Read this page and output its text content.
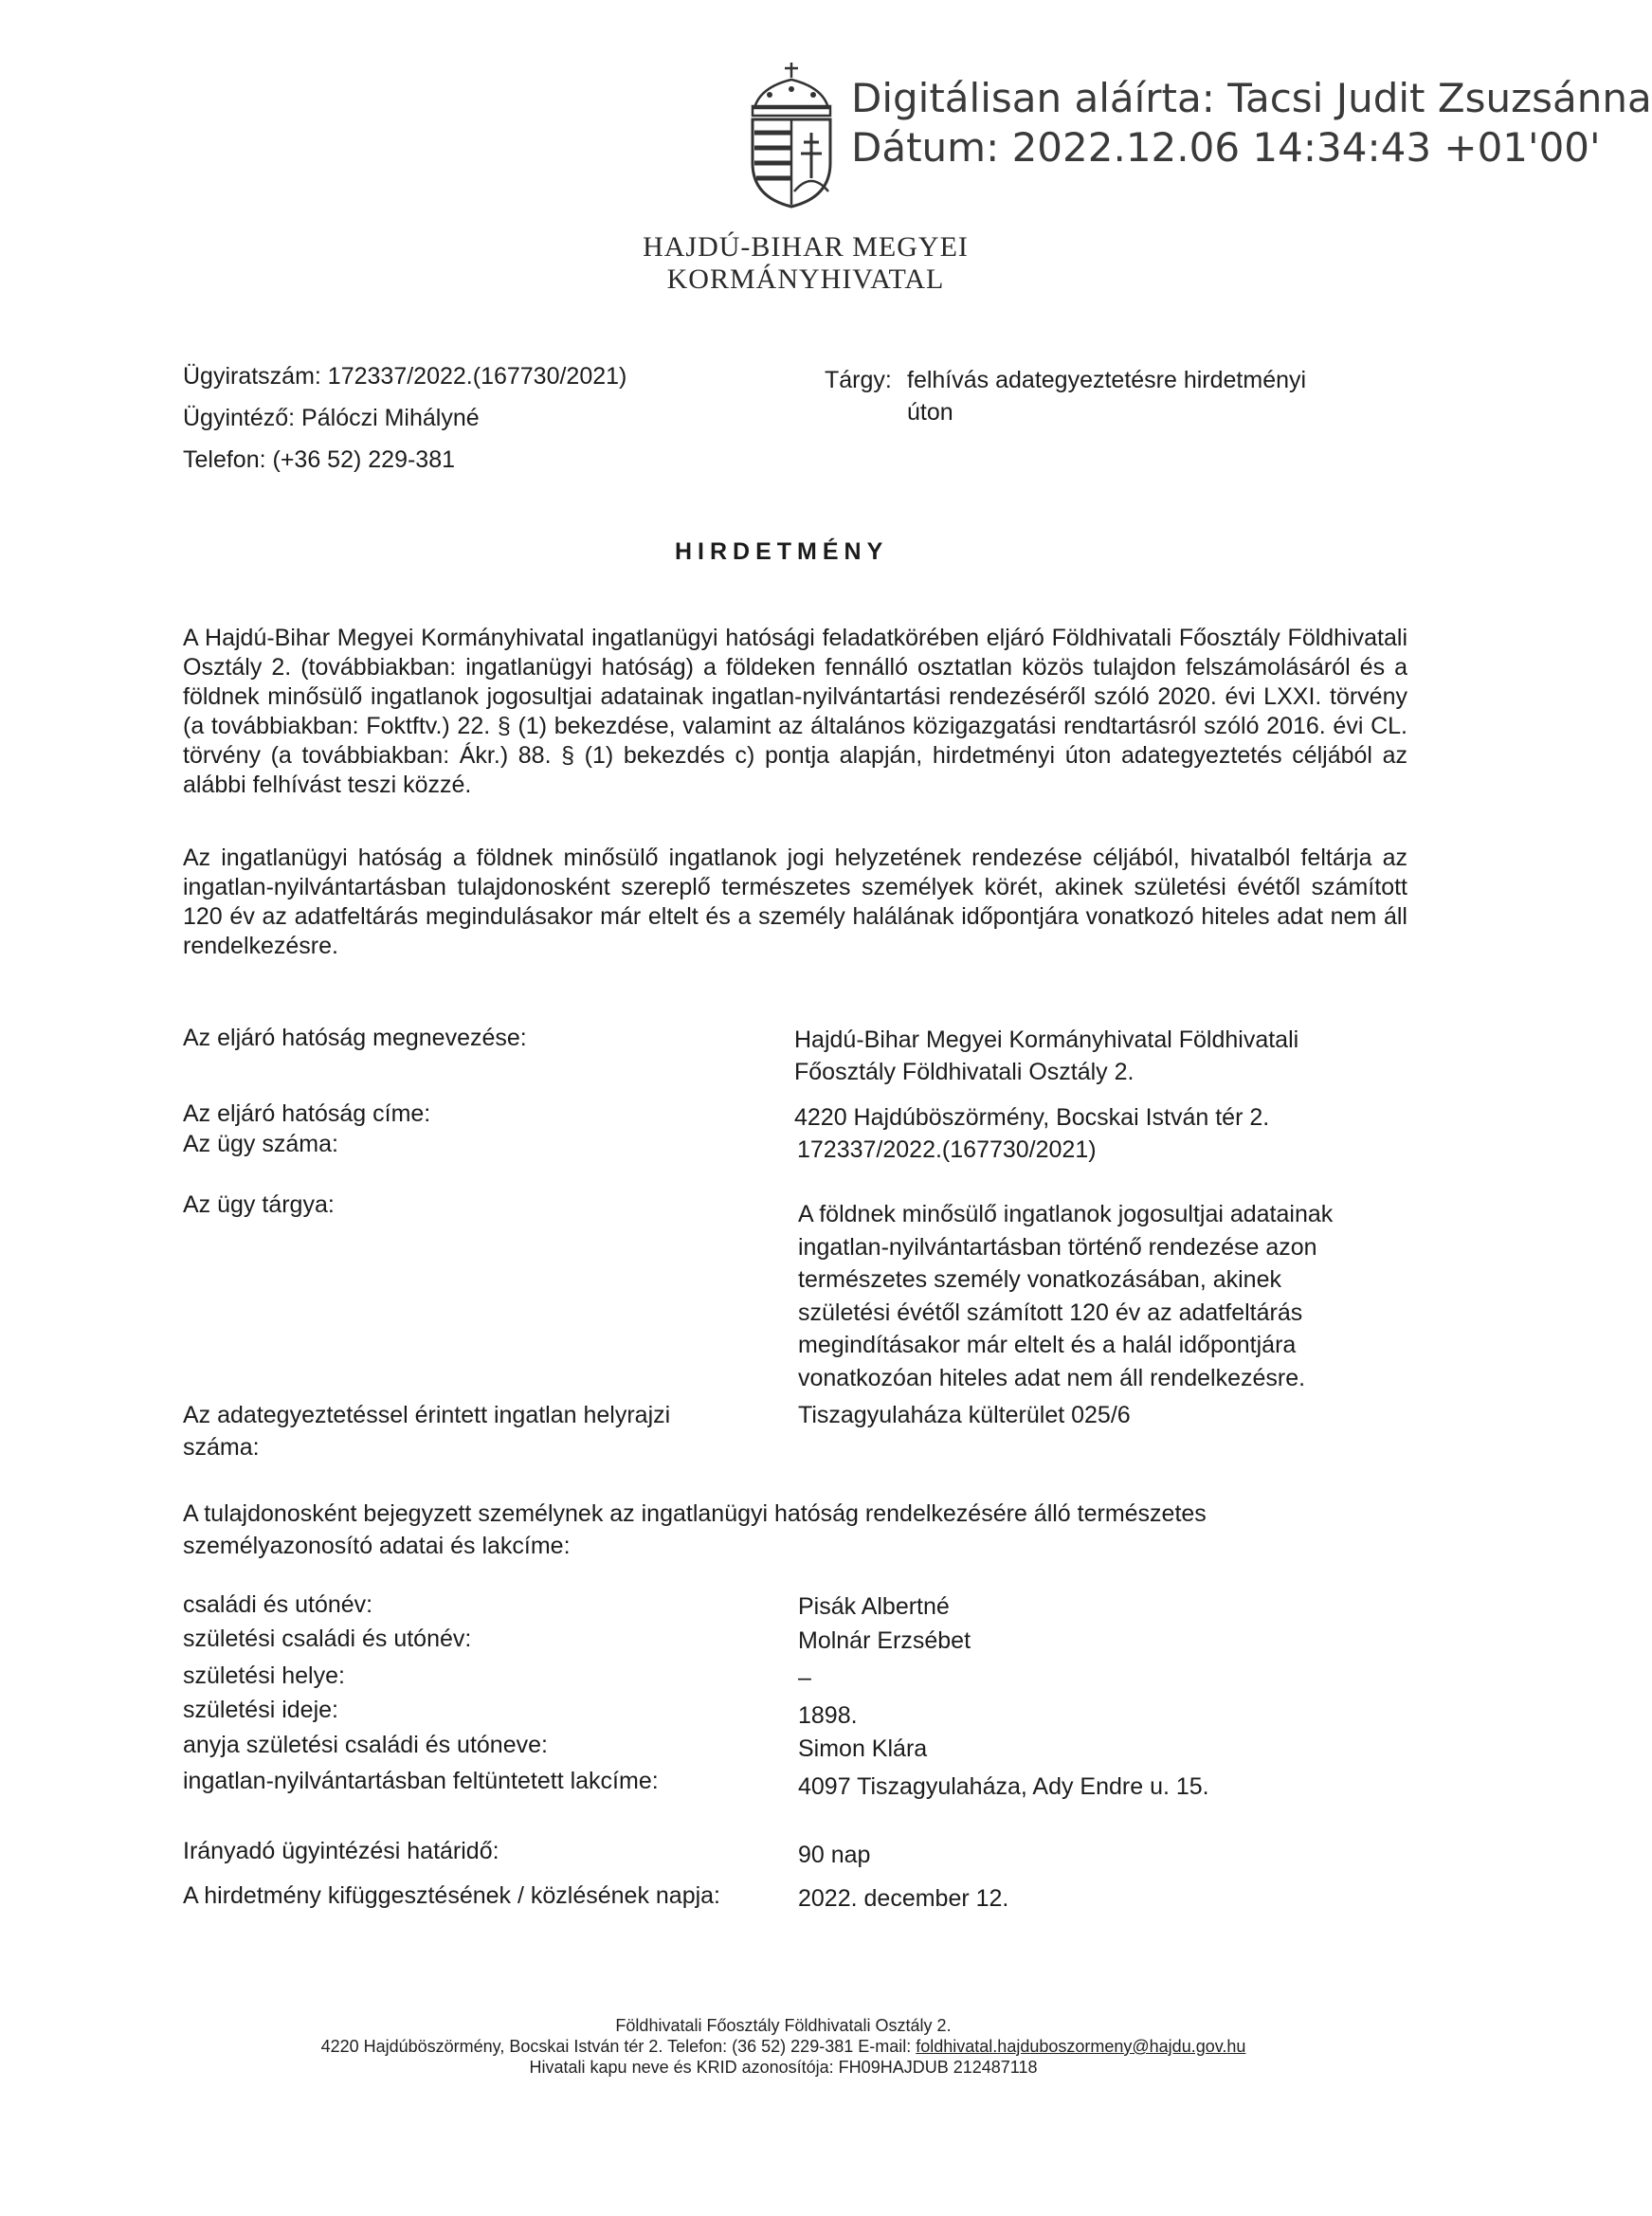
Digitálisan aláírta: Tacsi Judit Zsuzsánna
Dátum: 2022.12.06 14:34:43 +01'00'
HAJDÚ-BIHAR MEGYEI
KORMÁNYHIVATAL
Ügyiratszám: 172337/2022.(167730/2021)
Ügyintéző: Pálóczi Mihályné
Telefon: (+36 52) 229-381
Tárgy: felhívás adategyeztetésre hirdetményi
úton
HIRDETMÉNY
A Hajdú-Bihar Megyei Kormányhivatal ingatlanügyi hatósági feladatkörében eljáró Földhivatali Főosztály Földhivatali Osztály 2. (továbbiakban: ingatlanügyi hatóság) a földeken fennálló osztatlan közös tulajdon felszámolásáról és a földnek minősülő ingatlanok jogosultjai adatainak ingatlan-nyilvántartási rendezéséről szóló 2020. évi LXXI. törvény (a továbbiakban: Foktftv.) 22. § (1) bekezdése, valamint az általános közigazgatási rendtartásról szóló 2016. évi CL. törvény (a továbbiakban: Ákr.) 88. § (1) bekezdés c) pontja alapján, hirdetményi úton adategyeztetés céljából az alábbi felhívást teszi közzé.
Az ingatlanügyi hatóság a földnek minősülő ingatlanok jogi helyzetének rendezése céljából, hivatalból feltárja az ingatlan-nyilvántartásban tulajdonosként szereplő természetes személyek körét, akinek születési évétől számított 120 év az adatfeltárás megindulásakor már eltelt és a személy halálának időpontjára vonatkozó hiteles adat nem áll rendelkezésre.
Az eljáró hatóság megnevezése:	Hajdú-Bihar Megyei Kormányhivatal Földhivatali
Főosztály Földhivatali Osztály 2.
Az eljáró hatóság címe:	4220 Hajdúböszörmény, Bocskai István tér 2.
Az ügy száma:	172337/2022.(167730/2021)
Az ügy tárgya:	A földnek minősülő ingatlanok jogosultjai adatainak
ingatlan-nyilvántartásban történő rendezése azon
természetes személy vonatkozásában, akinek
születési évétől számított 120 év az adatfeltárás
megindításakor már eltelt és a halál időpontjára
vonatkozóan hiteles adat nem áll rendelkezésre.
Az adategyeztetéssel érintett ingatlan helyrajzi
száma:
Tiszagyulaháza külterület 025/6
A tulajdonosként bejegyzett személynek az ingatlanügyi hatóság rendelkezésére álló természetes személyazonosító adatai és lakcíme:
családi és utónév:	Pisák Albertné
születési családi és utónév:	Molnár Erzsébet
születési helye:	–
születési ideje:	1898.
anyja születési családi és utóneve:	Simon Klára
ingatlan-nyilvántartásban feltüntetett lakcíme:	4097 Tiszagyulaháza, Ady Endre u. 15.
Irányadó ügyintézési határidő:	90 nap
A hirdetmény kifüggesztésének / közlésének napja:	2022. december 12.
Földhivatali Főosztály Földhivatali Osztály 2.
4220 Hajdúböszörmény, Bocskai István tér 2. Telefon: (36 52) 229-381 E-mail: foldhivatal.hajduboszormeny@hajdu.gov.hu
Hivatali kapu neve és KRID azonosítója: FH09HAJDUB 212487118
